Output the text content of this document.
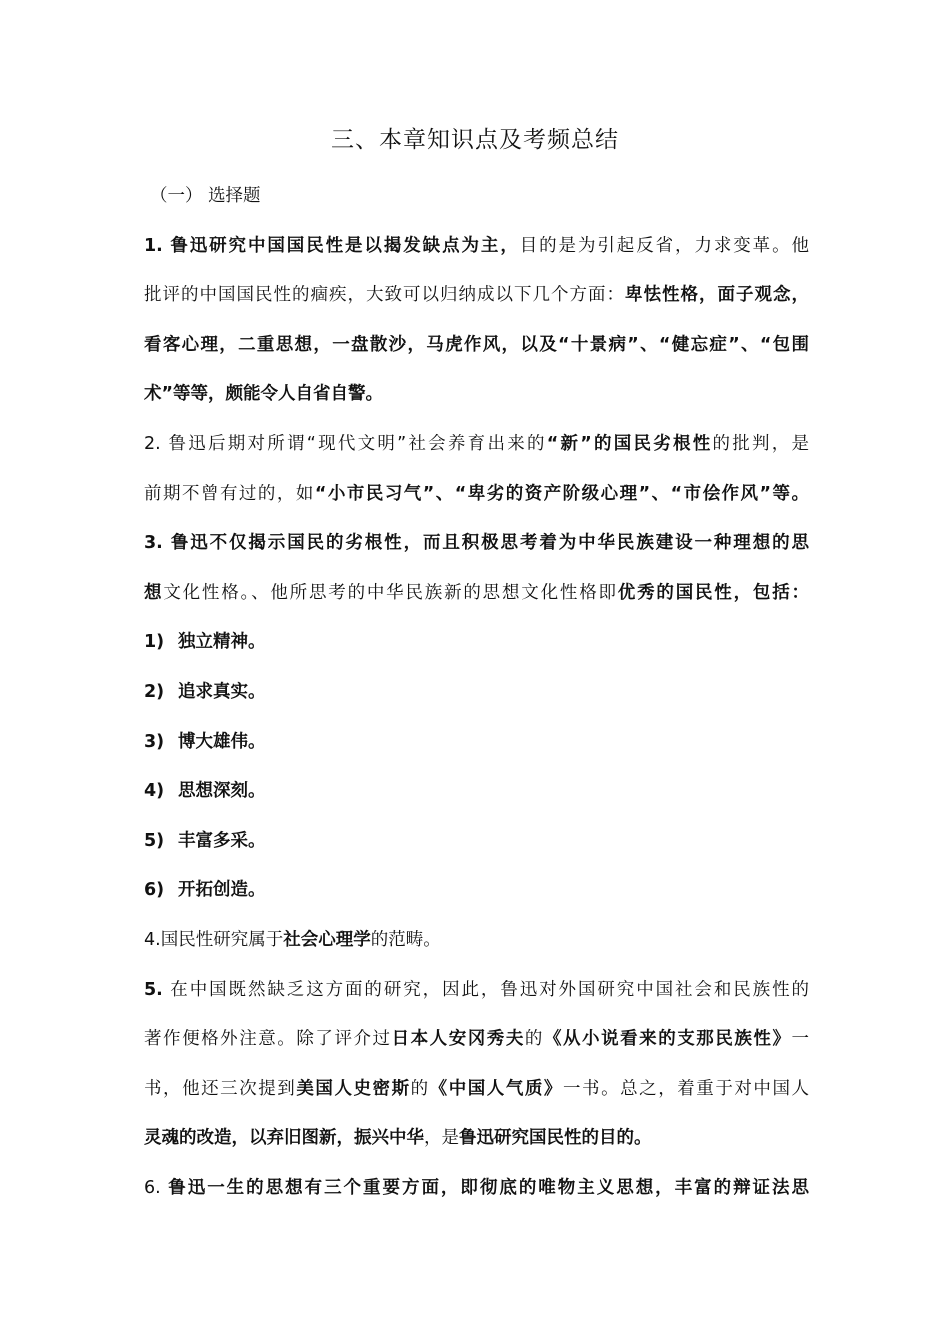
三、本章知识点及考频总结
（一） 选择题
1. 鲁迅研究中国国民性是以揭发缺点为主，目的是为引起反省，力求变革。他
批评的中国国民性的痼疾，大致可以归纳成以下几个方面：卑怯性格，面子观念，
看客心理，二重思想，一盘散沙，马虎作风，以及“十景病”、“健忘症”、“包围
术”等等，颇能令人自省自警。
2. 鲁迅后期对所谓“现代文明”社会养育出来的“新”的国民劣根性的批判，是
前期不曾有过的，如“小市民习气”、“卑劣的资产阶级心理”、“市侩作风”等。
3. 鲁迅不仅揭示国民的劣根性，而且积极思考着为中华民族建设一种理想的思
想文化性格。、他所思考的中华民族新的思想文化性格即优秀的国民性，包括：
1) 独立精神。
2) 追求真实。
3) 博大雄伟。
4) 思想深刻。
5) 丰富多采。
6) 开拓创造。
4.国民性研究属于社会心理学的范畴。
5. 在中国既然缺乏这方面的研究，因此，鲁迅对外国研究中国社会和民族性的
著作便格外注意。除了评介过日本人安冈秀夫的《从小说看来的支那民族性》一
书，他还三次提到美国人史密斯的《中国人气质》一书。总之，着重于对中国人
灵魂的改造，以弃旧图新，振兴中华，是鲁迅研究国民性的目的。
6. 鲁迅一生的思想有三个重要方面，即彻底的唯物主义思想，丰富的辩证法思
